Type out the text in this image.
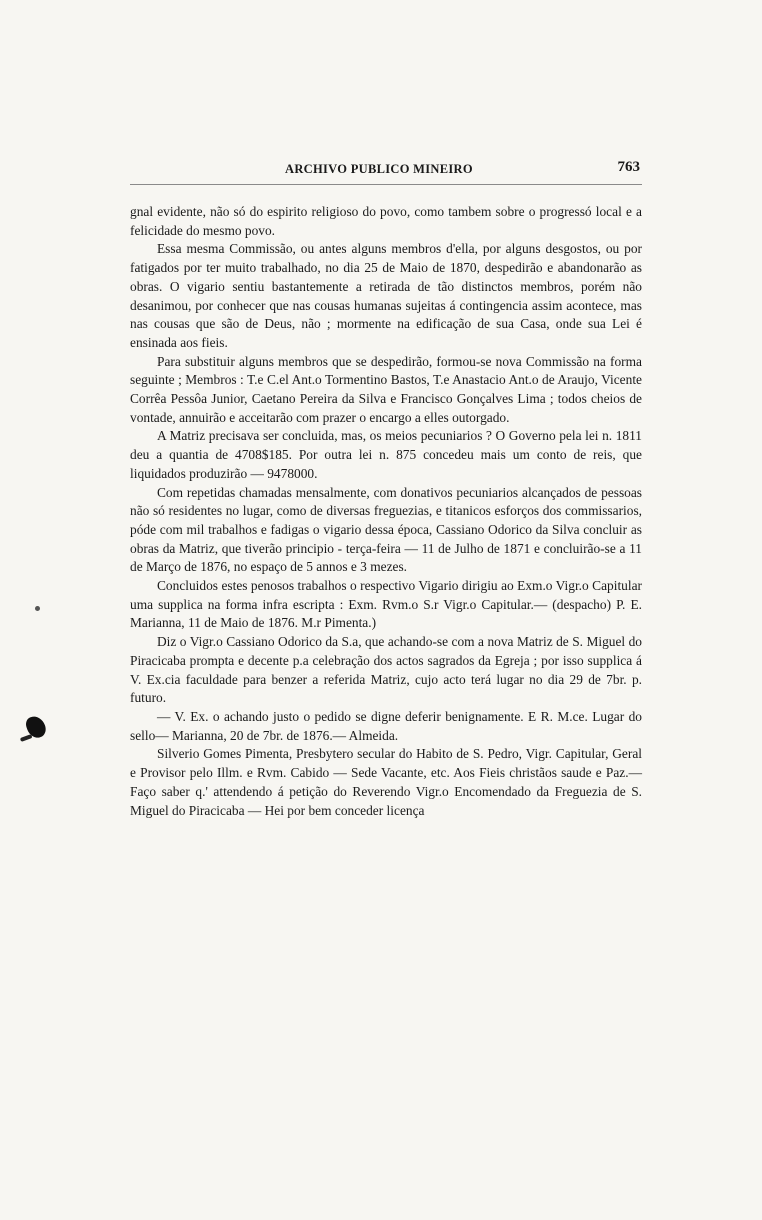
ARCHIVO PUBLICO MINEIRO	763

gnal evidente, não só do espirito religioso do povo, como tambem sobre o progressó local e a felicidade do mesmo povo.

Essa mesma Commissão, ou antes alguns membros d'ella, por alguns desgostos, ou por fatigados por ter muito trabalhado, no dia 25 de Maio de 1870, despedirão e abandonarão as obras. O vigario sentiu bastantemente a retirada de tão distinctos membros, porém não desanimou, por conhecer que nas cousas humanas sujeitas á contingencia assim acontece, mas nas cousas que são de Deus, não ; mormente na edificação de sua Casa, onde sua Lei é ensinada aos fieis.

Para substituir alguns membros que se despedirão, formou-se nova Commissão na forma seguinte ; Membros : T.e C.el Ant.o Tormentino Bastos, T.e Anastacio Ant.o de Araujo, Vicente Corrêa Pessôa Junior, Caetano Pereira da Silva e Francisco Gonçalves Lima ; todos cheios de vontade, annuirão e acceitarão com prazer o encargo a elles outorgado.

A Matriz precisava ser concluida, mas, os meios pecuniarios ? O Governo pela lei n. 1811 deu a quantia de 4708$185. Por outra lei n. 875 concedeu mais um conto de reis, que liquidados produzirão — 9478000.

Com repetidas chamadas mensalmente, com donativos pecuniarios alcançados de pessoas não só residentes no lugar, como de diversas freguezias, e titanicos esforços dos commissarios, póde com mil trabalhos e fadigas o vigario dessa época, Cassiano Odorico da Silva concluir as obras da Matriz, que tiverão principio - terça-feira — 11 de Julho de 1871 e concluirão-se a 11 de Março de 1876, no espaço de 5 annos e 3 mezes.

Concluidos estes penosos trabalhos o respectivo Vigario dirigiu ao Exm.o Vigr.o Capitular uma supplica na forma infra escripta : Exm. Rvm.o S.r Vigr.o Capitular.— (despacho) P. E. Marianna, 11 de Maio de 1876. M.r Pimenta.)

Diz o Vigr.o Cassiano Odorico da S.a, que achando-se com a nova Matriz de S. Miguel do Piracicaba prompta e decente p.a celebração dos actos sagrados da Egreja ; por isso supplica á V. Ex.cia faculdade para benzer a referida Matriz, cujo acto terá lugar no dia 29 de 7br. p. futuro.

— V. Ex. o achando justo o pedido se digne deferir benignamente. E R. M.ce. Lugar do sello— Marianna, 20 de 7br. de 1876.— Almeida.

Silverio Gomes Pimenta, Presbytero secular do Habito de S. Pedro, Vigr. Capitular, Geral e Provisor pelo Illm. e Rvm. Cabido — Sede Vacante, etc. Aos Fieis christãos saude e Paz.— Faço saber q.' attendendo á petição do Reverendo Vigr.o Encomendado da Freguezia de S. Miguel do Piracicaba — Hei por bem conceder licença
